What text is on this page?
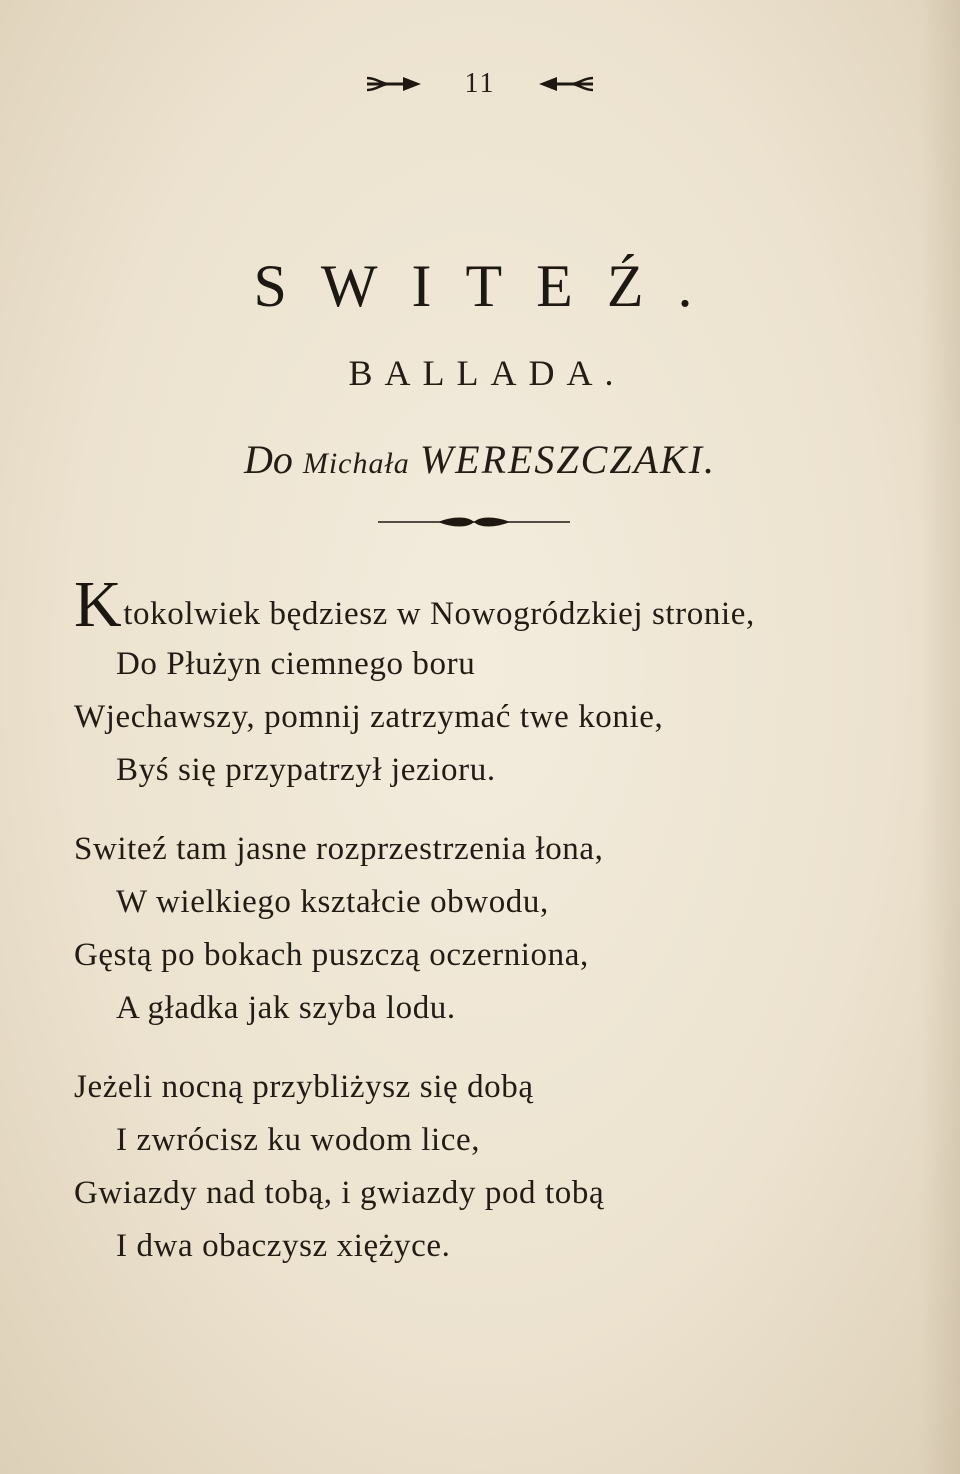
11
SWITEŹ.
BALLADA.
Do Michała WERESZCZAKI.
Ktokolwiek będziesz w Nowogródzkiej stronie,
Do Płużyn ciemnego boru
Wjechawszy, pomnij zatrzymać twe konie,
Byś się przypatrzył jezioru.
Switeź tam jasne rozprzestrzenia łona,
W wielkiego kształcie obwodu,
Gęstą po bokach puszczą oczerniona,
A gładka jak szyba lodu.
Jeżeli nocną przybliżysz się dobą
I zwrócisz ku wodom lice,
Gwiazdy nad tobą, i gwiazdy pod tobą
I dwa obaczysz xiężyce.
